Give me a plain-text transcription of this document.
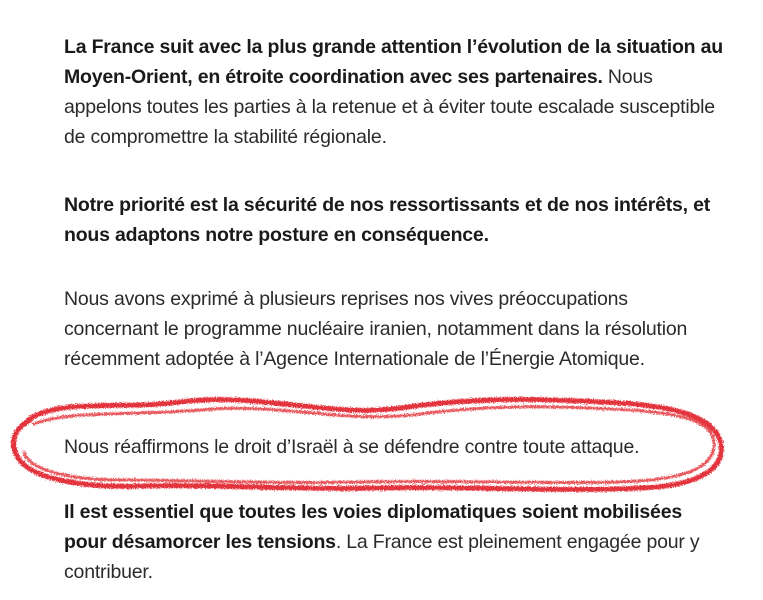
La France suit avec la plus grande attention l’évolution de la situation au Moyen-Orient, en étroite coordination avec ses partenaires. Nous appelons toutes les parties à la retenue et à éviter toute escalade susceptible de compromettre la stabilité régionale.

Notre priorité est la sécurité de nos ressortissants et de nos intérêts, et nous adaptons notre posture en conséquence.

Nous avons exprimé à plusieurs reprises nos vives préoccupations concernant le programme nucléaire iranien, notamment dans la résolution récemment adoptée à l’Agence Internationale de l’Énergie Atomique.

Nous réaffirmons le droit d’Israël à se défendre contre toute attaque.

Il est essentiel que toutes les voies diplomatiques soient mobilisées pour désamorcer les tensions. La France est pleinement engagée pour y contribuer.
